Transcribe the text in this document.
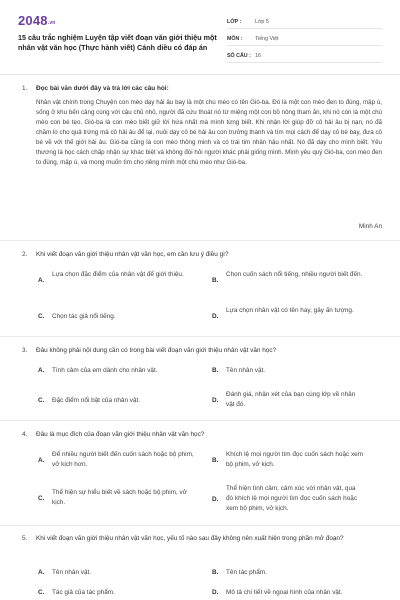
2048.vn
15 câu trắc nghiệm Luyện tập viết đoạn văn giới thiệu một nhân vật văn học (Thực hành viết) Cánh diều có đáp án
LỚP :	Lớp 5
MÔN :	Tiếng Việt
SỐ CÂU : 16
1. Đọc bài văn dưới đây và trả lời các câu hỏi:
Nhân vật chính trong Chuyện con mèo dạy hải âu bay là một chú mèo có tên Gió-ba. Đó là một con mèo đen to đùng, mập ú, sống ở khu bến cảng cùng với cậu chủ nhỏ, người đã cứu thoát nó từ miệng một con bồ nông tham ăn, khi nó còn là một chú mèo con bé tẹo. Gió-ba là con mèo biết giữ lời hứa nhất mà mình từng biết. Khi nhận lời giúp đỡ cô hải âu bị nạn, nó đã chăm lo cho quả trứng mà cô hải âu để lại, nuôi dạy cô bé hải âu con trưởng thành và tìm mọi cách để dạy cô bé bay, đưa cô bé về với thế giới hải âu. Gió-ba cũng là con mèo thông minh và có trái tim nhân hậu nhất. Nó đã dạy cho mình biết: Yêu thương là học cách chấp nhận sự khác biệt và không đòi hỏi người khác phải giống mình. Mình yêu quý Gió-ba, con mèo đen to đùng, mập ú, và mong muốn tìm cho riêng mình một chú mèo như Gió-ba.
Minh An
2. Khi viết đoạn văn giới thiệu nhân vật văn học, em cần lưu ý điều gì?
A.
Lựa chọn đặc điểm của nhân vật để giới thiệu.
B.
Chọn cuốn sách nổi tiếng, nhiều người biết đến.
C.	Chọn tác giả nổi tiếng.	D.
Lựa chọn nhân vật có tên hay, gây ấn tượng.
3. Đâu không phải nội dung cần có trong bài viết đoạn văn giới thiệu nhân vật văn học?
A.	Tình cảm của em dành cho nhân vật.	B.	Tên nhân vật.
C.	Đặc điểm nổi bật của nhân vật.	D.
Đánh giá, nhận xét của bạn cùng lớp về nhân vật đó.
4. Đâu là mục đích của đoạn văn giới thiệu nhân vật văn học?
A.
Để nhiều người biết đến cuốn sách hoặc bộ phim, vở kịch hơn.
B.
Khích lệ mọi người tìm đọc cuốn sách hoặc xem bộ phim, vở kịch.
C.
Thể hiện sự hiểu biết về sách hoặc bộ phim, vở kịch.	D.
Thể hiện tình cảm, cảm xúc với nhân vật, qua đó khích lệ mọi người tìm đọc cuốn sách hoặc xem bộ phim, vở kịch.
5. Khi viết đoạn văn giới thiệu nhân vật văn học, yếu tố nào sau đây không nên xuất hiện trong phần mở đoạn?
A.	Tên nhân vật.	B.	Tên tác phẩm.
C.	Tác giả của tác phẩm.	D.	Mô tả chi tiết về ngoại hình của nhân vật.
